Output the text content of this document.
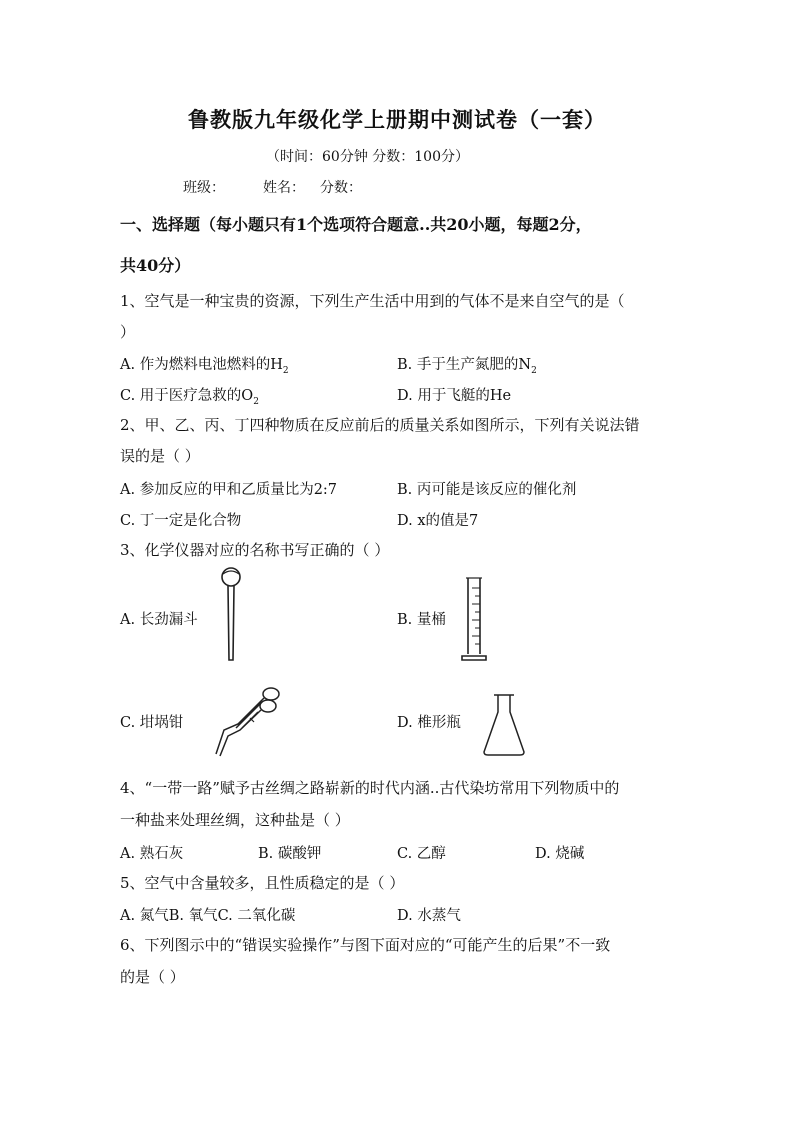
鲁教版九年级化学上册期中测试卷（一套）
（时间：60分钟 分数：100分）
班级：	姓名： 分数：
一、选择题（每小题只有1个选项符合题意..共20小题，每题2分，
共40分）
1、空气是一种宝贵的资源，下列生产生活中用到的气体不是来自空气的是（
）
A. 作为燃料电池燃料的$H_2$	B. 手于生产氮肥的$N_2$
C. 用于医疗急救的$O_2$	D. 用于飞艇的He
2、甲、乙、丙、丁四种物质在反应前后的质量关系如图所示，下列有关说法错
误的是（ ）
A. 参加反应的甲和乙质量比为2:7	B. 丙可能是该反应的催化剂
C. 丁一定是化合物	D. x的值是7
3、化学仪器对应的名称书写正确的（ ）
A. 长劲漏斗	B. 量桶
C. 坩埚钳	D. 椎形瓶
4、“一带一路”赋予古丝绸之路崭新的时代内涵..古代染坊常用下列物质中的
一种盐来处理丝绸，这种盐是（ ）
A. 熟石灰	B. 碳酸钾	C. 乙醇	D. 烧碱
5、空气中含量较多，且性质稳定的是（ ）
A. 氮气B. 氧气C. 二氧化碳	D. 水蒸气
6、下列图示中的“错误实验操作”与图下面对应的“可能产生的后果”不一致
的是（ ）
